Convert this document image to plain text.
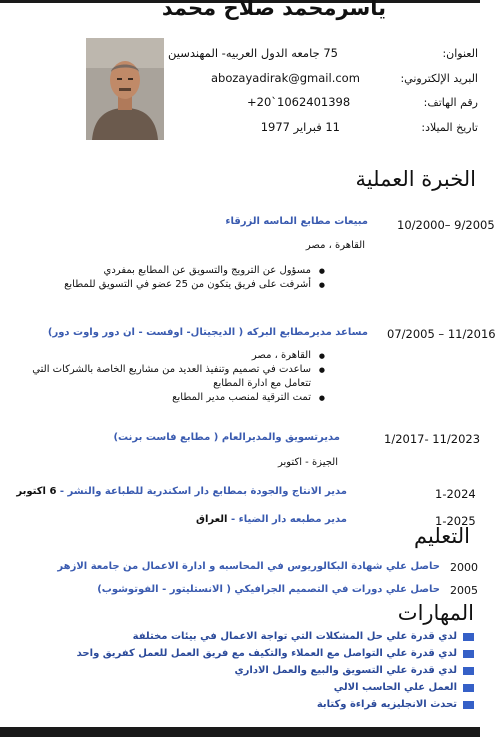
ياسرمحمد صلاح محمد
العنوان:
75 جامعه الدول العربيه- المهندسين
البريد الإلكتروني:
abozayadirak@gmail.com
رقم الهاتف:
+20`1062401398
تاريخ الميلاد:
11 فبراير 1977
الخبرة العملية
10/2000– 9/2005
مبيعات مطابع الماسه الزرقاء
القاهرة ، مصر
● مسؤول عن الترويج والتسويق عن المطابع بمفردي
● أشرفت على فريق يتكون من 25 عضو في التسويق للمطابع
07/2005 – 11/2016
مساعد مديرمطابع البركه ( الديجيتال- اوفست - ان دور واوت دور)
● القاهرة ، مصر
● ساعدت في تصميم وتنفيذ العديد من مشاريع الخاصة بالشركات التي تتعامل مع ادارة المطابع
● تمت الترقية لمنصب مدير المطابع
1/2017- 11/2023
مديرتسويق والمديرالعام ( مطابع فاست برنت)
الجيزة - اكتوبر
1-2024
مدير الانتاج والجودة بمطابع دار اسكندرية للطباعة والنشر - 6 اكتوبر
1-2025
مدير مطبعه دار الضياء - العراق
التعليم
2000
حاصل علي شهادة البكالوريوس في المحاسبه و ادارة الاعمال من جامعة الازهر
2005
حاصل علي دورات في التصميم الجرافيكي ( الانستليتور - الفوتوشوب)
المهارات
لدي قدرة علي حل المشكلات التي تواجة الاعمال في بيئات مختلفة
لدي قدرة علي التواصل مع العملاء والتكيف مع فريق العمل للعمل كفريق واحد
لدي قدرة علي التسويق والبيع والعمل الاداري
العمل علي الحاسب الالي
تحدث الانجليزيه قراءة وكتابة
